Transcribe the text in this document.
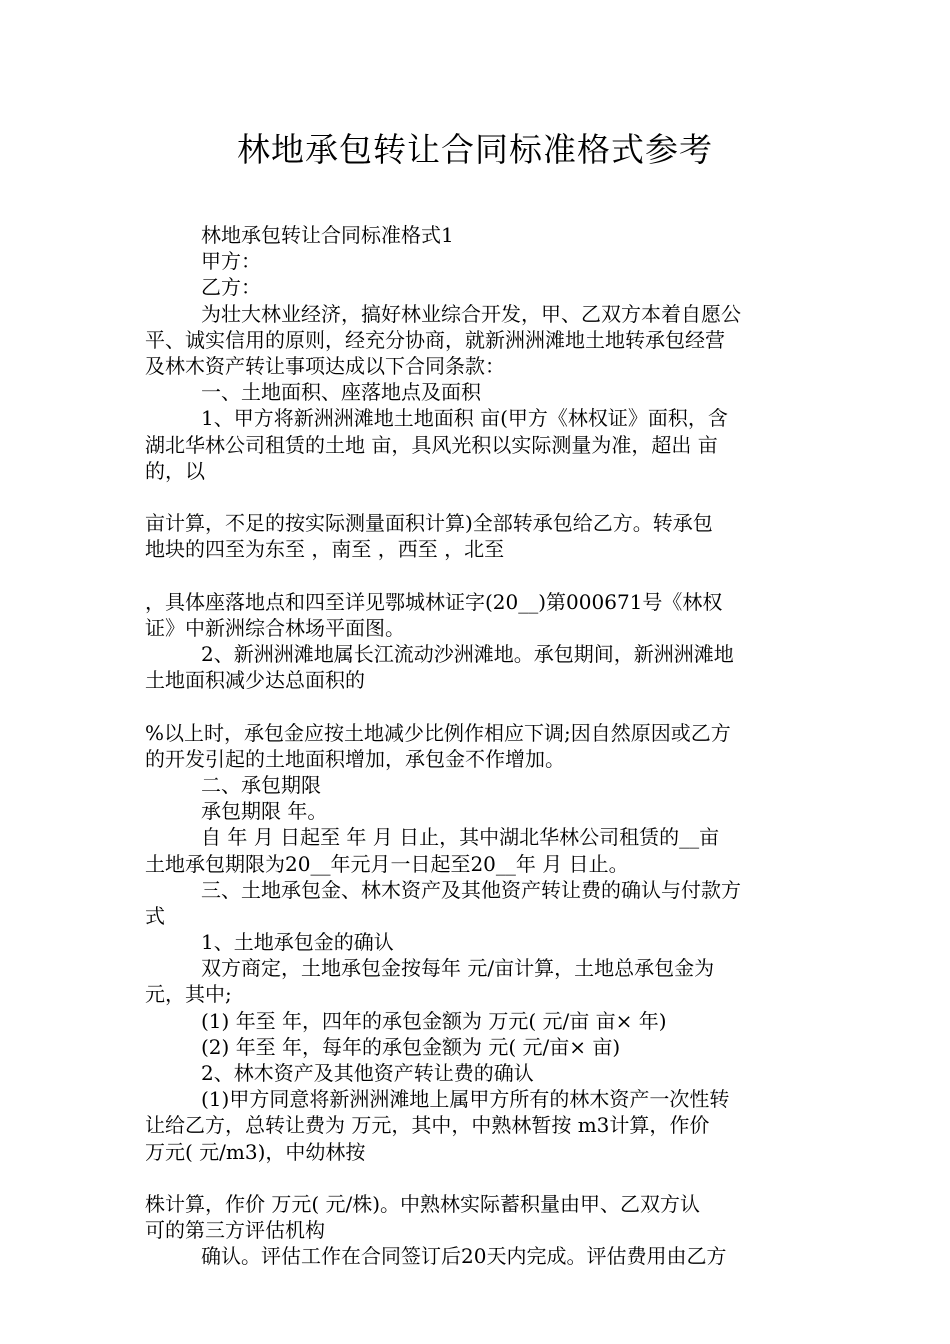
林地承包转让合同标准格式参考
林地承包转让合同标准格式1
甲方：
乙方：
为壮大林业经济，搞好林业综合开发，甲、乙双方本着自愿公
平、诚实信用的原则，经充分协商，就新洲洲滩地土地转承包经营
及林木资产转让事项达成以下合同条款：
一、土地面积、座落地点及面积
1、甲方将新洲洲滩地土地面积 亩(甲方《林权证》面积，含
湖北华林公司租赁的土地 亩，具风光积以实际测量为准，超出 亩
的，以
亩计算，不足的按实际测量面积计算)全部转承包给乙方。转承包
地块的四至为东至 ，南至 ，西至 ，北至
，具体座落地点和四至详见鄂城林证字(20__)第000671号《林权
证》中新洲综合林场平面图。
2、新洲洲滩地属长江流动沙洲滩地。承包期间，新洲洲滩地
土地面积减少达总面积的
%以上时，承包金应按土地减少比例作相应下调;因自然原因或乙方
的开发引起的土地面积增加，承包金不作增加。
二、承包期限
承包期限 年。
自 年 月 日起至 年 月 日止，其中湖北华林公司租赁的__亩
土地承包期限为20__年元月一日起至20__年 月 日止。
三、土地承包金、林木资产及其他资产转让费的确认与付款方
式
1、土地承包金的确认
双方商定，土地承包金按每年 元/亩计算，土地总承包金为
元，其中;
(1) 年至 年，四年的承包金额为 万元( 元/亩 亩× 年)
(2) 年至 年，每年的承包金额为 元( 元/亩× 亩)
2、林木资产及其他资产转让费的确认
(1)甲方同意将新洲洲滩地上属甲方所有的林木资产一次性转
让给乙方，总转让费为 万元，其中，中熟林暂按 m3计算，作价
万元( 元/m3)，中幼林按
株计算，作价 万元( 元/株)。中熟林实际蓄积量由甲、乙双方认
可的第三方评估机构
确认。评估工作在合同签订后20天内完成。评估费用由乙方
